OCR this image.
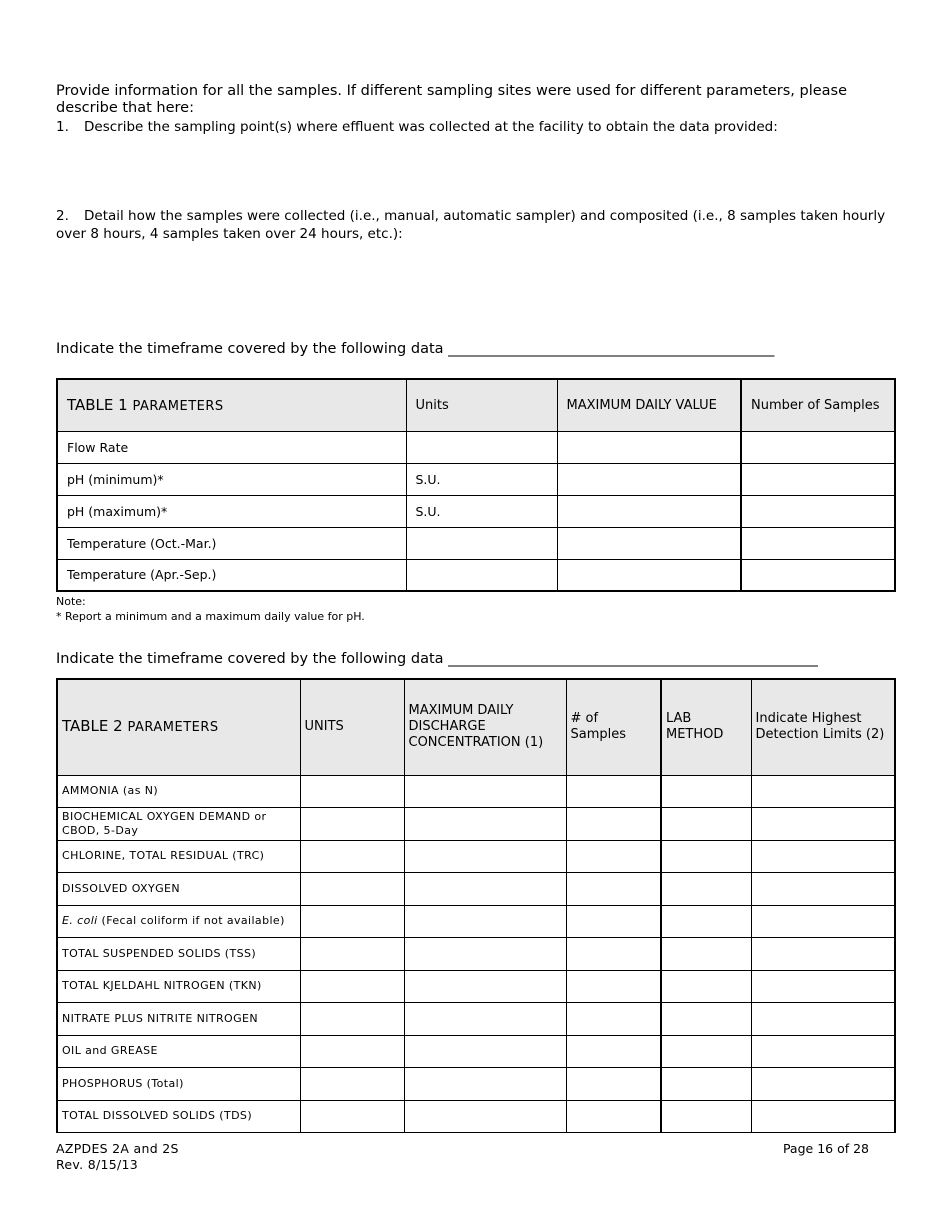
Provide information for all the samples. If different sampling sites were used for different parameters, please describe that here:
1. Describe the sampling point(s) where effluent was collected at the facility to obtain the data provided:
2. Detail how the samples were collected (i.e., manual, automatic sampler) and composited (i.e., 8 samples taken hourly over 8 hours, 4 samples taken over 24 hours, etc.):
Indicate the timeframe covered by the following data _____________________________________________
TABLE 1 PARAMETERS	Units	MAXIMUM DAILY VALUE	Number of Samples
Flow Rate			
pH (minimum)*	S.U.		
pH (maximum)*	S.U.		
Temperature (Oct.-Mar.)			
Temperature (Apr.-Sep.)			
Note:
* Report a minimum and a maximum daily value for pH.
Indicate the timeframe covered by the following data ___________________________________________________
TABLE 2 PARAMETERS	UNITS	MAXIMUM DAILY DISCHARGE CONCENTRATION (1)	# of Samples	LAB METHOD	Indicate Highest Detection Limits (2)
AMMONIA (as N)					
BIOCHEMICAL OXYGEN DEMAND or CBOD, 5-Day					
CHLORINE, TOTAL RESIDUAL (TRC)					
DISSOLVED OXYGEN					
E. coli (Fecal coliform if not available)					
TOTAL SUSPENDED SOLIDS (TSS)					
TOTAL KJELDAHL NITROGEN (TKN)					
NITRATE PLUS NITRITE NITROGEN					
OIL and GREASE					
PHOSPHORUS (Total)					
TOTAL DISSOLVED SOLIDS (TDS)					
AZPDES 2A and 2S
Rev. 8/15/13
Page 16 of 28
